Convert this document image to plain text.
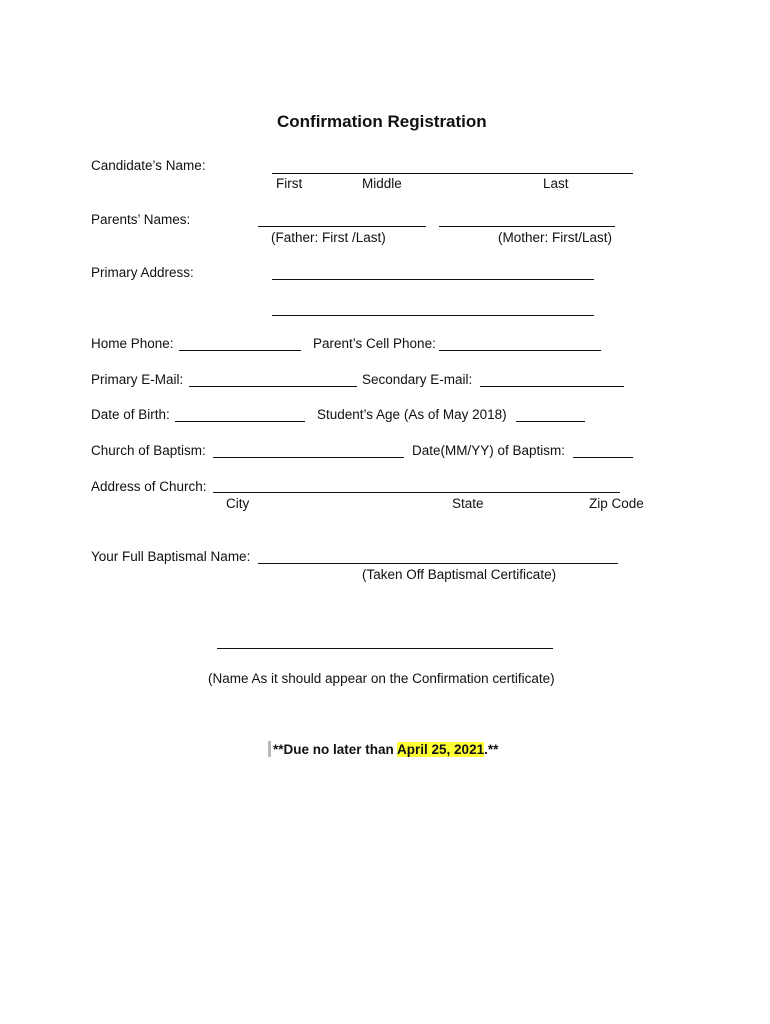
Confirmation Registration
Candidate’s Name:
First	Middle	Last
Parents’ Names:
(Father: First /Last)	(Mother: First/Last)
Primary Address:
Home Phone:	Parent’s Cell Phone:
Primary E-Mail:	Secondary E-mail:
Date of Birth:	Student’s Age (As of May 2018)
Church of Baptism:	Date(MM/YY) of Baptism:
Address of Church:
City	State	Zip Code
Your Full Baptismal Name:
(Taken Off Baptismal Certificate)
(Name As it should appear on the Confirmation certificate)
**Due no later than April 25, 2021.**
